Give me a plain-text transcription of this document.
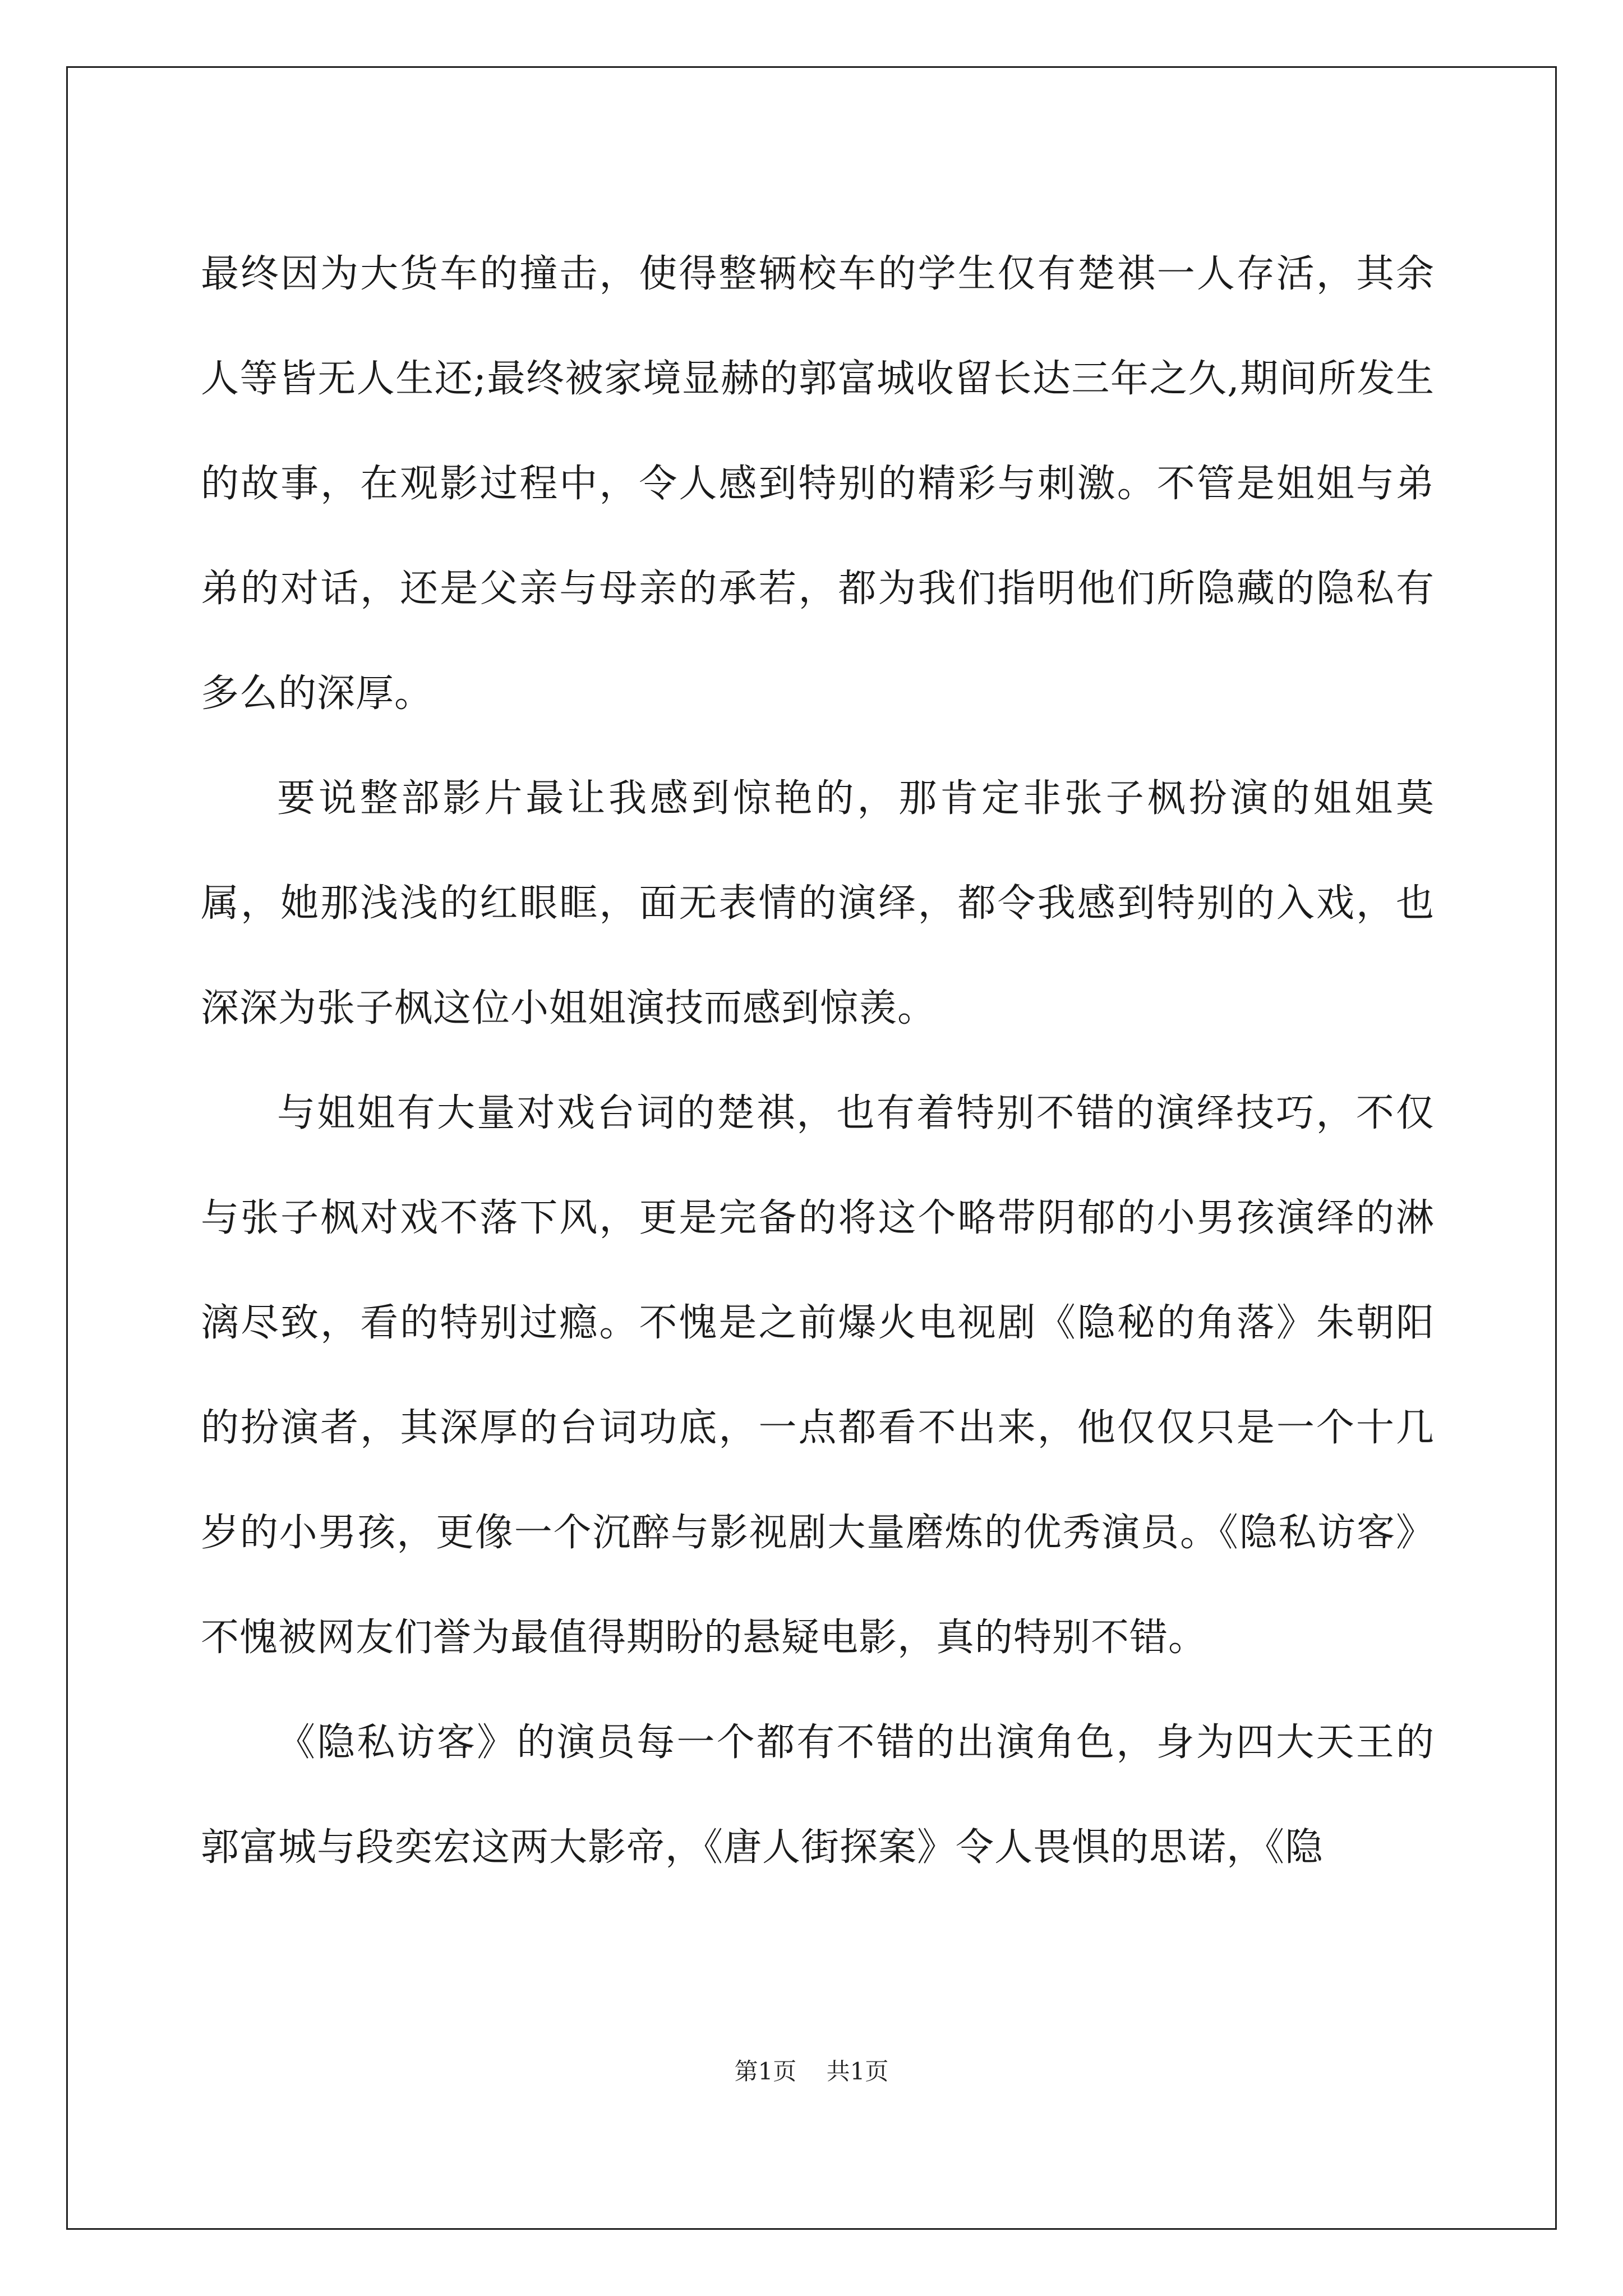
最终因为大货车的撞击，使得整辆校车的学生仅有楚祺一人存活，其余人等皆无人生还;最终被家境显赫的郭富城收留长达三年之久,期间所发生的故事，在观影过程中，令人感到特别的精彩与刺激。不管是姐姐与弟弟的对话，还是父亲与母亲的承若，都为我们指明他们所隐藏的隐私有多么的深厚。

要说整部影片最让我感到惊艳的，那肯定非张子枫扮演的姐姐莫属，她那浅浅的红眼眶，面无表情的演绎，都令我感到特别的入戏，也深深为张子枫这位小姐姐演技而感到惊羡。

与姐姐有大量对戏台词的楚祺，也有着特别不错的演绎技巧，不仅与张子枫对戏不落下风，更是完备的将这个略带阴郁的小男孩演绎的淋漓尽致，看的特别过瘾。不愧是之前爆火电视剧《隐秘的角落》朱朝阳的扮演者，其深厚的台词功底，一点都看不出来，他仅仅只是一个十几岁的小男孩，更像一个沉醉与影视剧大量磨炼的优秀演员。《隐私访客》不愧被网友们誉为最值得期盼的悬疑电影，真的特别不错。

《隐私访客》的演员每一个都有不错的出演角色，身为四大天王的郭富城与段奕宏这两大影帝，《唐人街探案》令人畏惧的思诺，《隐

第1页 共1页
